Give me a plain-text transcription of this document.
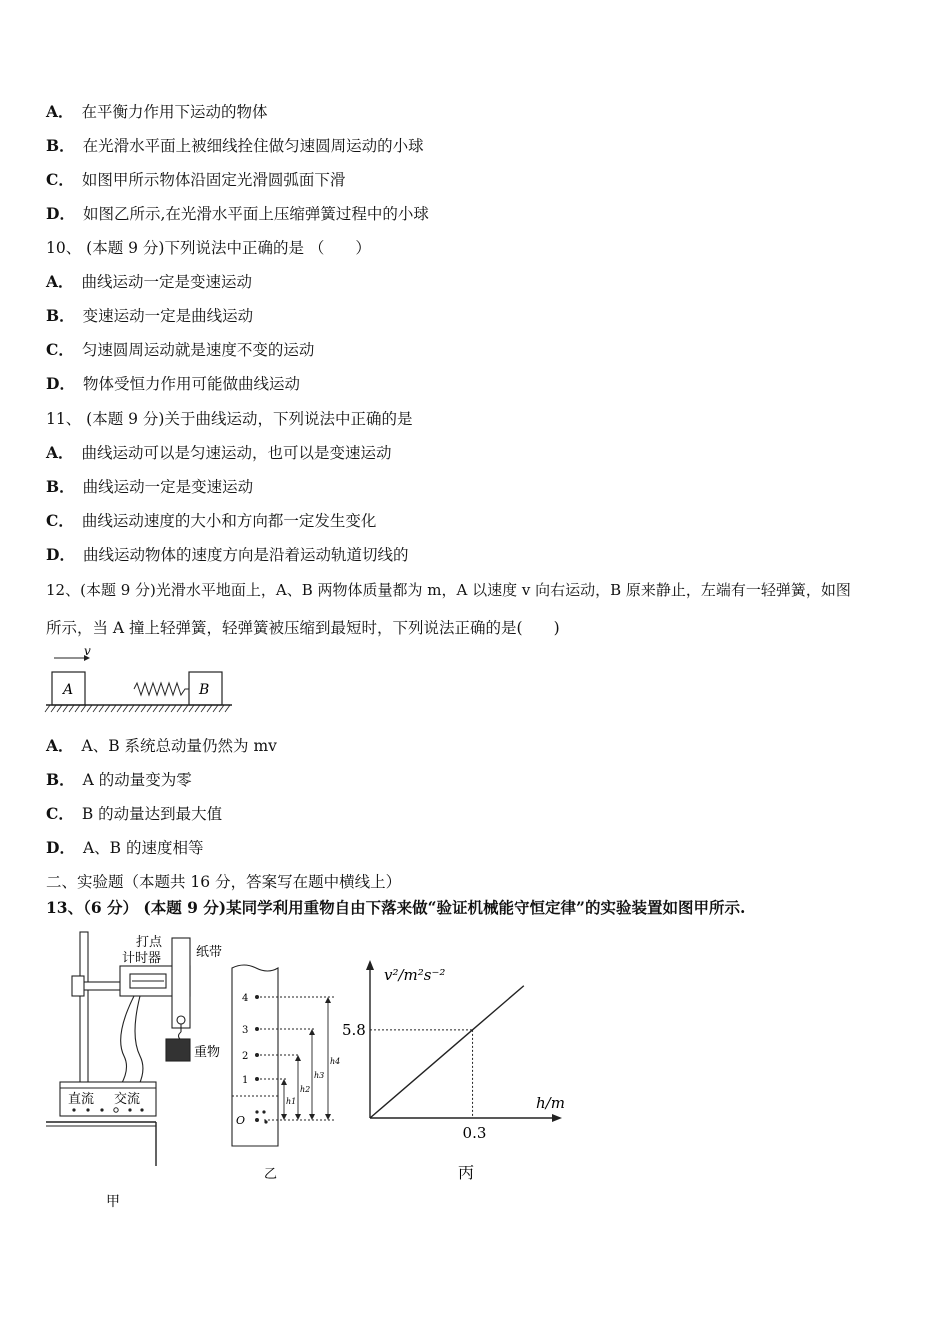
A． 在平衡力作用下运动的物体
B． 在光滑水平面上被细线拴住做匀速圆周运动的小球
C． 如图甲所示物体沿固定光滑圆弧面下滑
D． 如图乙所示,在光滑水平面上压缩弹簧过程中的小球
10、 (本题 9 分)下列说法中正确的是 （　　）
A． 曲线运动一定是变速运动
B． 变速运动一定是曲线运动
C． 匀速圆周运动就是速度不变的运动
D． 物体受恒力作用可能做曲线运动
11、 (本题 9 分)关于曲线运动，下列说法中正确的是
A． 曲线运动可以是匀速运动，也可以是变速运动
B． 曲线运动一定是变速运动
C． 曲线运动速度的大小和方向都一定发生变化
D． 曲线运动物体的速度方向是沿着运动轨道切线的
12、(本题 9 分)光滑水平地面上，A、B 两物体质量都为 m，A 以速度 v 向右运动，B 原来静止，左端有一轻弹簧，如图
所示，当 A 撞上轻弹簧，轻弹簧被压缩到最短时，下列说法正确的是(　　)
v
A	B
A． A、B 系统总动量仍然为 mv
B． A 的动量变为零
C． B 的动量达到最大值
D． A、B 的速度相等
二、实验题（本题共 16 分，答案写在题中横线上）
13、（6 分） (本题 9 分)某同学利用重物自由下落来做“验证机械能守恒定律”的实验装置如图甲所示.
打点
计时器	纸带
重物
直流 交流
甲
4
3
2
1
O
h1
h2
h3
h4
乙
v²/m²s⁻²
h/m
5.8
0.3
丙
